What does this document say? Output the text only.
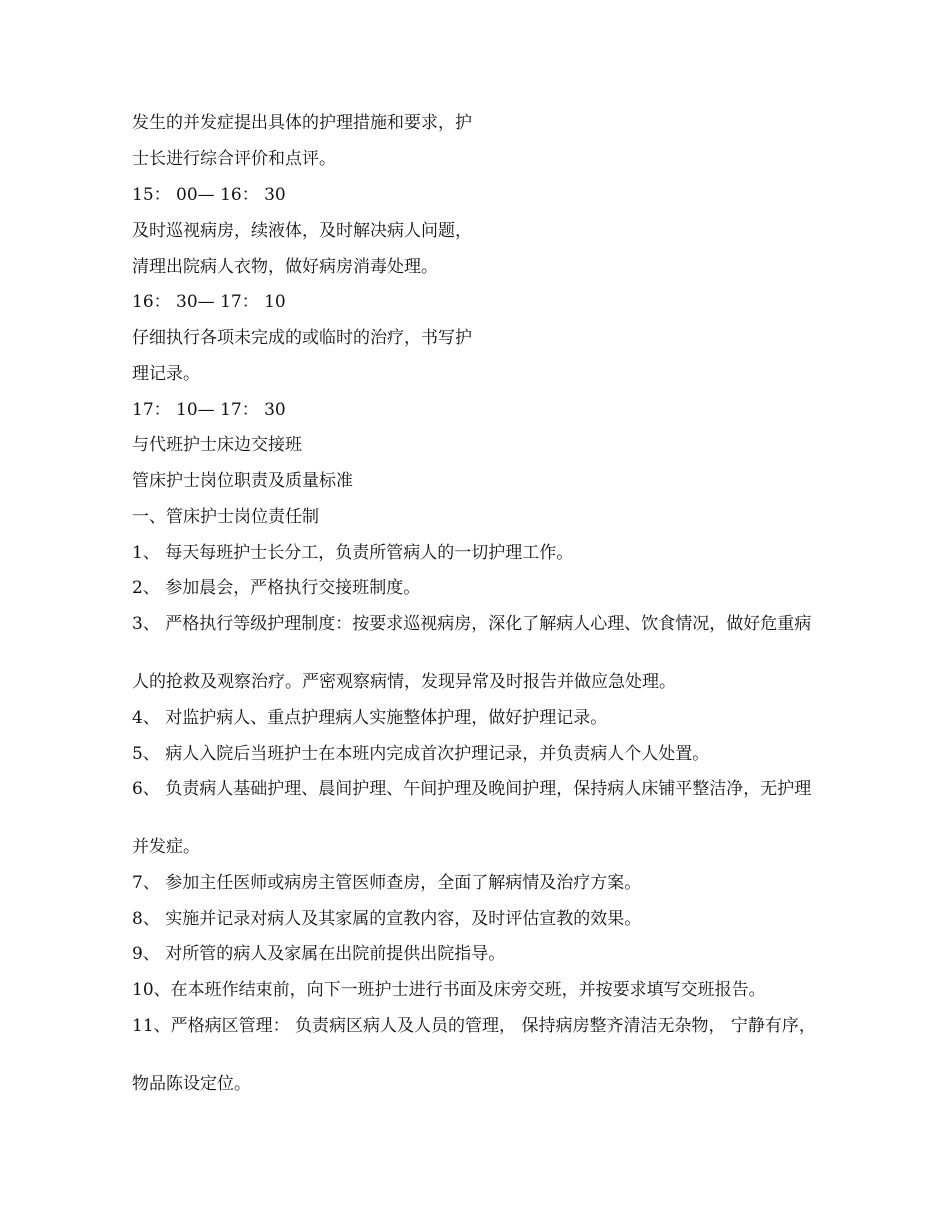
发生的并发症提出具体的护理措施和要求，护
士长进行综合评价和点评。
15： 00— 16： 30
及时巡视病房，续液体，及时解决病人问题，
清理出院病人衣物，做好病房消毒处理。
16： 30— 17： 10
仔细执行各项未完成的或临时的治疗，书写护
理记录。
17： 10— 17： 30
与代班护士床边交接班
管床护士岗位职责及质量标准
一、管床护士岗位责任制
1、 每天每班护士长分工，负责所管病人的一切护理工作。
2、 参加晨会，严格执行交接班制度。
3、 严格执行等级护理制度：按要求巡视病房，深化了解病人心理、饮食情况，做好危重病
人的抢救及观察治疗。严密观察病情，发现异常及时报告并做应急处理。
4、 对监护病人、重点护理病人实施整体护理，做好护理记录。
5、 病人入院后当班护士在本班内完成首次护理记录，并负责病人个人处置。
6、 负责病人基础护理、晨间护理、午间护理及晚间护理，保持病人床铺平整洁净，无护理
并发症。
7、 参加主任医师或病房主管医师查房，全面了解病情及治疗方案。
8、 实施并记录对病人及其家属的宣教内容，及时评估宣教的效果。
9、 对所管的病人及家属在出院前提供出院指导。
10、在本班作结束前，向下一班护士进行书面及床旁交班，并按要求填写交班报告。
11、严格病区管理： 负责病区病人及人员的管理， 保持病房整齐清洁无杂物， 宁静有序，
物品陈设定位。
